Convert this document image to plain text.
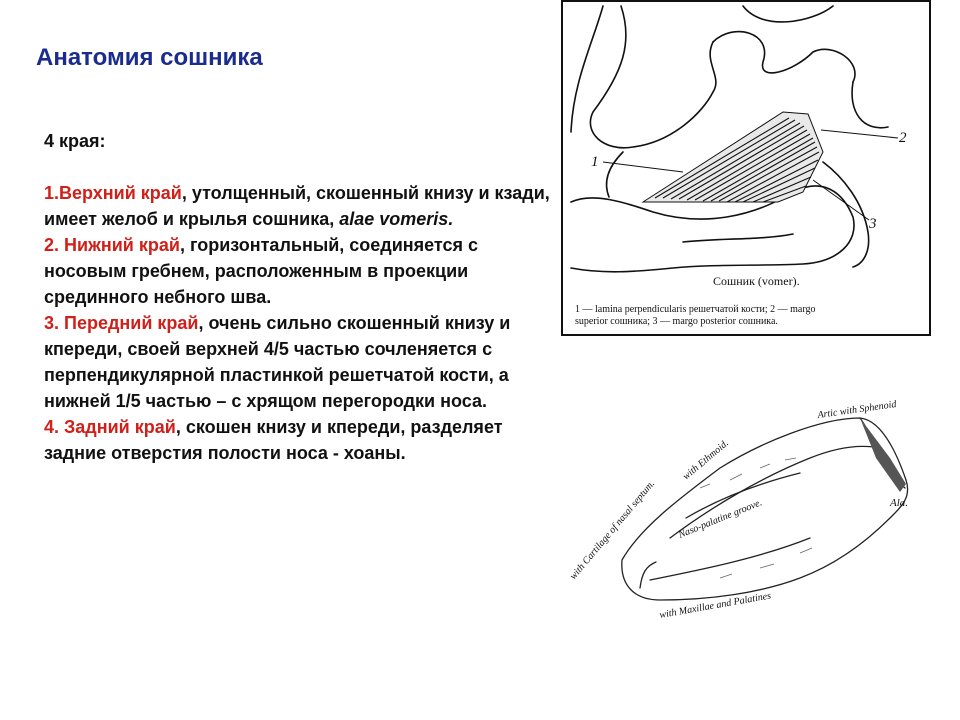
Анатомия сошника

4 края:

1.Верхний край, утолщенный, скошенный книзу и кзади, имеет желоб и крылья сошника, alae vomeris.

2. Нижний край, горизонтальный, соединяется с носовым гребнем, расположенным в проекции срединного небного шва.

3. Передний край, очень сильно скошенный книзу и кпереди, своей верхней 4/5 частью сочленяется с перпендикулярной пластинкой решетчатой кости, а нижней 1/5 частью – с хрящом перегородки носа.

4. Задний край, скошен книзу и кпереди, разделяет задние отверстия полости носа - хоаны.

1
2
3
Сошник (vomer).
1 — lamina perpendicularis решетчатой кости; 2 — margo
superior сошника; 3 — margo posterior сошника.
with Ethmoid.
Artic with Sphenoid
with Cartilage of nasal septum. Naso-palatine groove.	Ala.
with Maxillae and Palatines
